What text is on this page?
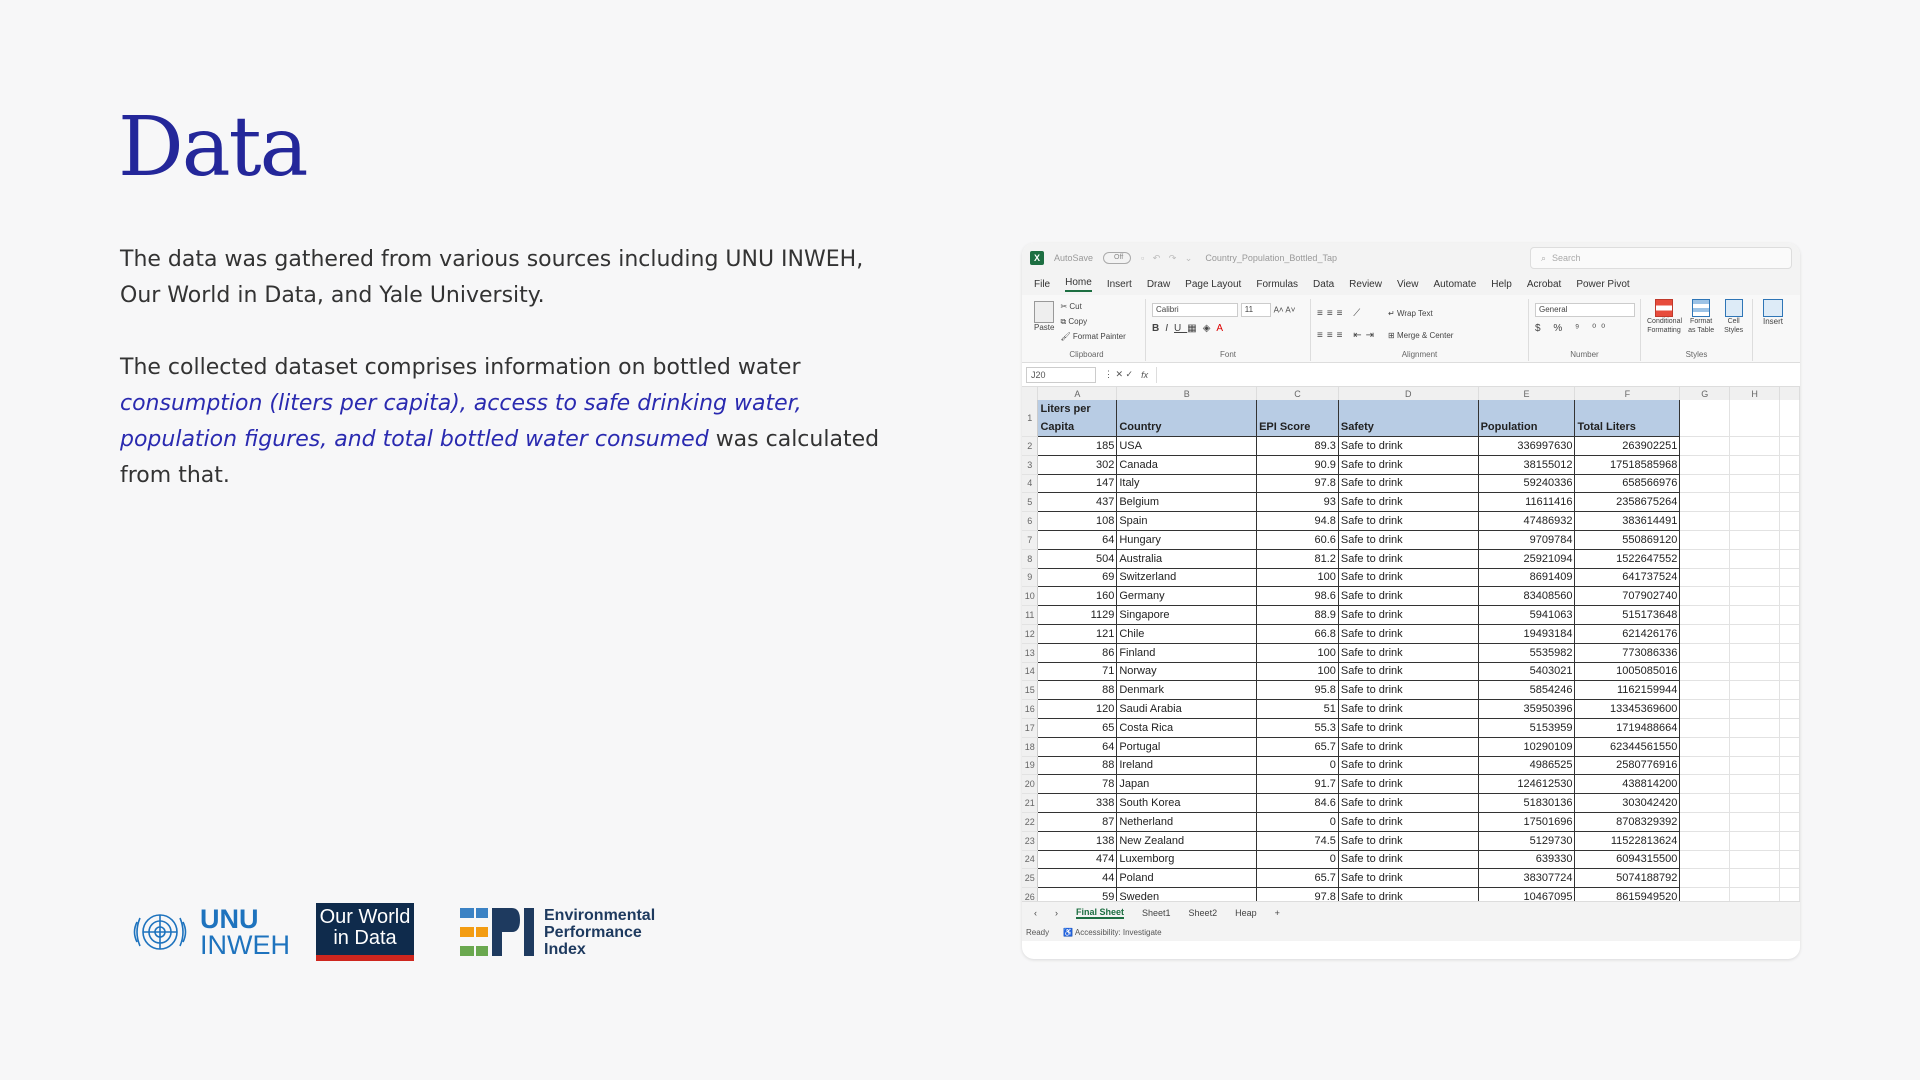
Data

The data was gathered from various sources including UNU INWEH, Our World in Data, and Yale University.

The collected dataset comprises information on bottled water consumption (liters per capita), access to safe drinking water, population figures, and total bottled water consumed was calculated from that.

UNU
INWEH
Our World
in Data
Environmental
Performance
Index
X	AutoSave	Off	▫ ↶ ↷ ⌄ Country_Population_Bottled_Tap	⌕ Search
File Home Insert Draw Page Layout Formulas Data Review View Automate Help Acrobat Power Pivot
Paste
✂ Cut
⧉ Copy
🖌 Format Painter
Clipboard
Calibri	11	A˄ A˅
BIU▦◈A
Font
≡≡≡ ⟋
≡≡≡ ⇤⇥
↵ Wrap Text
⊞ Merge & Center
Alignment
General
$ % ⁹ ⁰⁰
Number
Conditional Formatting
Format as Table
Cell Styles
Styles
Insert
J20	⋮ ✕ ✓ fx
	A	B	C	D	E	F	G	H	
1	Liters per Capita	Country	EPI Score	Safety	Population	Total Liters			
2	185	USA	89.3	Safe to drink	336997630	263902251			
3	302	Canada	90.9	Safe to drink	38155012	17518585968			
4	147	Italy	97.8	Safe to drink	59240336	658566976			
5	437	Belgium	93	Safe to drink	11611416	2358675264			
6	108	Spain	94.8	Safe to drink	47486932	383614491			
7	64	Hungary	60.6	Safe to drink	9709784	550869120			
8	504	Australia	81.2	Safe to drink	25921094	1522647552			
9	69	Switzerland	100	Safe to drink	8691409	641737524			
10	160	Germany	98.6	Safe to drink	83408560	707902740			
11	1129	Singapore	88.9	Safe to drink	5941063	515173648			
12	121	Chile	66.8	Safe to drink	19493184	621426176			
13	86	Finland	100	Safe to drink	5535982	773086336			
14	71	Norway	100	Safe to drink	5403021	1005085016			
15	88	Denmark	95.8	Safe to drink	5854246	1162159944			
16	120	Saudi Arabia	51	Safe to drink	35950396	13345369600			
17	65	Costa Rica	55.3	Safe to drink	5153959	1719488664			
18	64	Portugal	65.7	Safe to drink	10290109	62344561550			
19	88	Ireland	0	Safe to drink	4986525	2580776916			
20	78	Japan	91.7	Safe to drink	124612530	438814200			
21	338	South Korea	84.6	Safe to drink	51830136	303042420			
22	87	Netherland	0	Safe to drink	17501696	8708329392			
23	138	New Zealand	74.5	Safe to drink	5129730	11522813624			
24	474	Luxemborg	0	Safe to drink	639330	6094315500			
25	44	Poland	65.7	Safe to drink	38307724	5074188792			
26	59	Sweden	97.8	Safe to drink	10467095	8615949520			
‹ › Final Sheet Sheet1 Sheet2 Heap +
Ready ♿ Accessibility: Investigate
